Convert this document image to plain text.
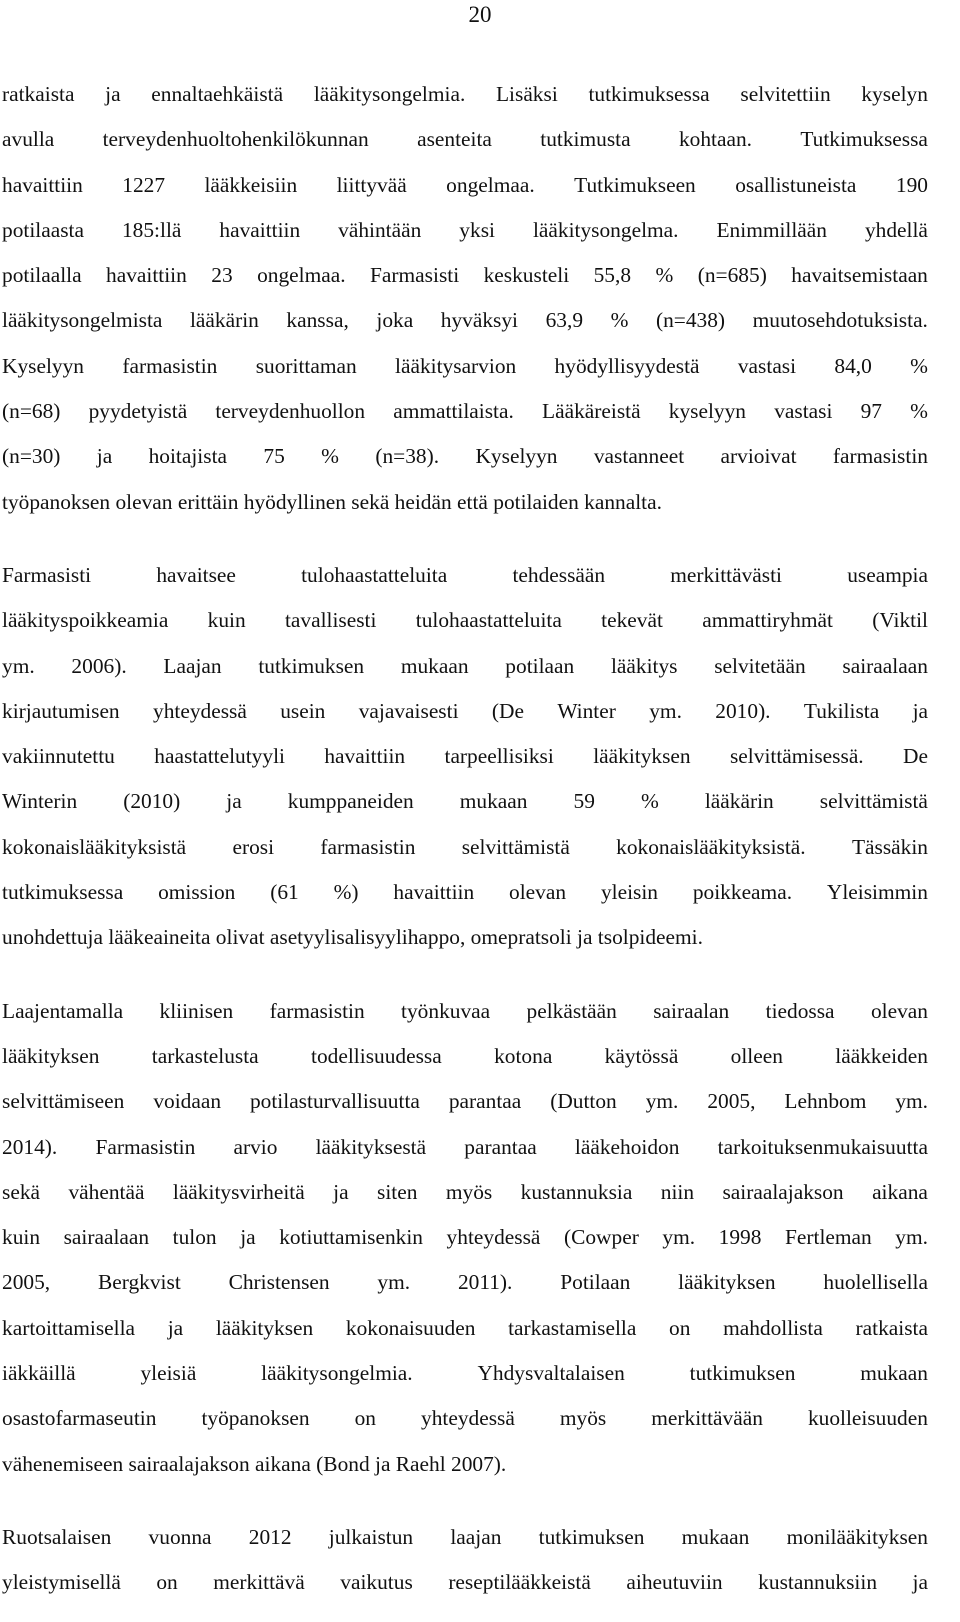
20

ratkaista ja ennaltaehkäistä lääkitysongelmia. Lisäksi tutkimuksessa selvitettiin kyselyn
avulla terveydenhuoltohenkilökunnan asenteita tutkimusta kohtaan. Tutkimuksessa
havaittiin 1227 lääkkeisiin liittyvää ongelmaa. Tutkimukseen osallistuneista 190
potilaasta 185:llä havaittiin vähintään yksi lääkitysongelma. Enimmillään yhdellä
potilaalla havaittiin 23 ongelmaa. Farmasisti keskusteli 55,8 % (n=685) havaitsemistaan
lääkitysongelmista lääkärin kanssa, joka hyväksyi 63,9 % (n=438) muutosehdotuksista.
Kyselyyn farmasistin suorittaman lääkitysarvion hyödyllisyydestä vastasi 84,0 %
(n=68) pyydetyistä terveydenhuollon ammattilaista. Lääkäreistä kyselyyn vastasi 97 %
(n=30) ja hoitajista 75 % (n=38). Kyselyyn vastanneet arvioivat farmasistin
työpanoksen olevan erittäin hyödyllinen sekä heidän että potilaiden kannalta.

Farmasisti	havaitsee	tulohaastatteluita	tehdessään	merkittävästi	useampia
lääkityspoikkeamia kuin tavallisesti tulohaastatteluita tekevät ammattiryhmät (Viktil
ym. 2006). Laajan tutkimuksen mukaan potilaan lääkitys selvitetään sairaalaan
kirjautumisen yhteydessä usein vajavaisesti (De Winter ym. 2010). Tukilista ja
vakiinnutettu haastattelutyyli havaittiin tarpeellisiksi lääkityksen selvittämisessä. De
Winterin (2010) ja kumppaneiden mukaan 59 % lääkärin selvittämistä
kokonaislääkityksistä erosi farmasistin selvittämistä kokonaislääkityksistä. Tässäkin
tutkimuksessa omission (61 %) havaittiin olevan yleisin poikkeama. Yleisimmin
unohdettuja lääkeaineita olivat asetyylisalisyylihappo, omepratsoli ja tsolpideemi.

Laajentamalla kliinisen farmasistin työnkuvaa pelkästään sairaalan tiedossa olevan
lääkityksen tarkastelusta todellisuudessa kotona käytössä olleen lääkkeiden
selvittämiseen voidaan potilasturvallisuutta parantaa (Dutton ym. 2005, Lehnbom ym.
2014). Farmasistin arvio lääkityksestä parantaa lääkehoidon tarkoituksenmukaisuutta
sekä vähentää lääkitysvirheitä ja siten myös kustannuksia niin sairaalajakson aikana
kuin sairaalaan tulon ja kotiuttamisenkin yhteydessä (Cowper ym. 1998 Fertleman ym.
2005, Bergkvist Christensen ym. 2011). Potilaan lääkityksen huolellisella
kartoittamisella ja lääkityksen kokonaisuuden tarkastamisella on mahdollista ratkaista
iäkkäillä	yleisiä	lääkitysongelmia.	Yhdysvaltalaisen	tutkimuksen	mukaan
osastofarmaseutin työpanoksen on yhteydessä myös merkittävään kuolleisuuden
vähenemiseen sairaalajakson aikana (Bond ja Raehl 2007).

Ruotsalaisen vuonna 2012 julkaistun laajan tutkimuksen mukaan monilääkityksen
yleistymisellä on merkittävä vaikutus reseptilääkkeistä aiheutuviin kustannuksiin ja
